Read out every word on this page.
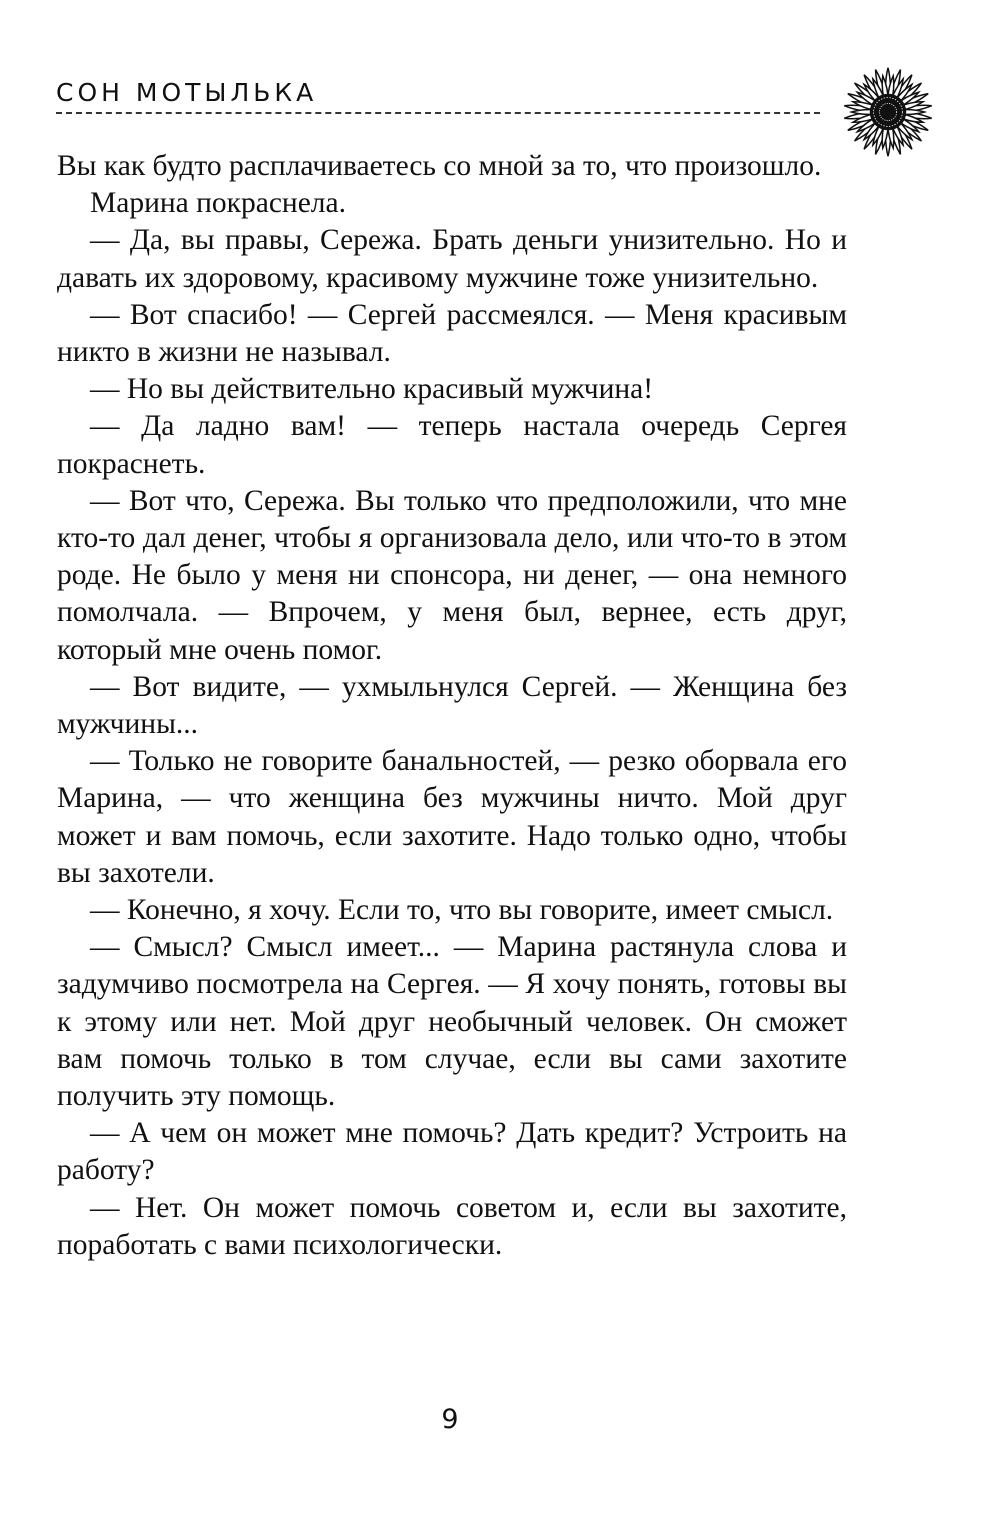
СОН МОТЫЛЬКА

Вы как будто расплачиваетесь со мной за то, что произошло.

Марина покраснела.

— Да, вы правы, Сережа. Брать деньги унизительно. Но и давать их здоровому, красивому мужчине тоже унизительно.

— Вот спасибо! — Сергей рассмеялся. — Меня красивым никто в жизни не называл.

— Но вы действительно красивый мужчина!

— Да ладно вам! — теперь настала очередь Сергея покраснеть.

— Вот что, Сережа. Вы только что предположили, что мне кто-то дал денег, чтобы я организовала дело, или что-то в этом роде. Не было у меня ни спонсора, ни денег, — она немного помолчала. — Впрочем, у меня был, вернее, есть друг, который мне очень помог.

— Вот видите, — ухмыльнулся Сергей. — Женщина без мужчины...

— Только не говорите банальностей, — резко оборвала его Марина, — что женщина без мужчины ничто. Мой друг может и вам помочь, если захотите. Надо только одно, чтобы вы захотели.

— Конечно, я хочу. Если то, что вы говорите, имеет смысл.

— Смысл? Смысл имеет... — Марина растянула слова и задумчиво посмотрела на Сергея. — Я хочу понять, готовы вы к этому или нет. Мой друг необычный человек. Он сможет вам помочь только в том случае, если вы сами захотите получить эту помощь.

— А чем он может мне помочь? Дать кредит? Устроить на работу?

— Нет. Он может помочь советом и, если вы захотите, поработать с вами психологически.

9
